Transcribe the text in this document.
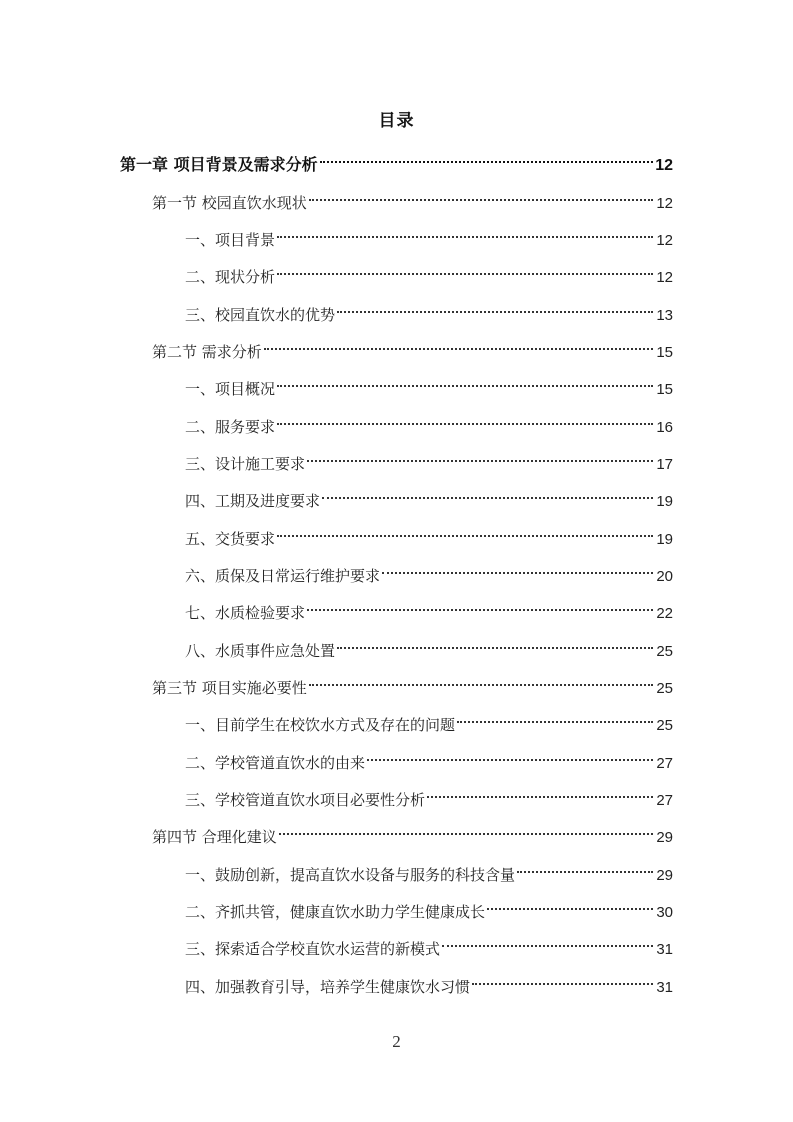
目录
第一章 项目背景及需求分析	12
第一节 校园直饮水现状	12
一、项目背景	12
二、现状分析	12
三、校园直饮水的优势	13
第二节 需求分析	15
一、项目概况	15
二、服务要求	16
三、设计施工要求	17
四、工期及进度要求	19
五、交货要求	19
六、质保及日常运行维护要求	20
七、水质检验要求	22
八、水质事件应急处置	25
第三节 项目实施必要性	25
一、目前学生在校饮水方式及存在的问题	25
二、学校管道直饮水的由来	27
三、学校管道直饮水项目必要性分析	27
第四节 合理化建议	29
一、鼓励创新，提高直饮水设备与服务的科技含量	29
二、齐抓共管，健康直饮水助力学生健康成长	30
三、探索适合学校直饮水运营的新模式	31
四、加强教育引导，培养学生健康饮水习惯	31
2
